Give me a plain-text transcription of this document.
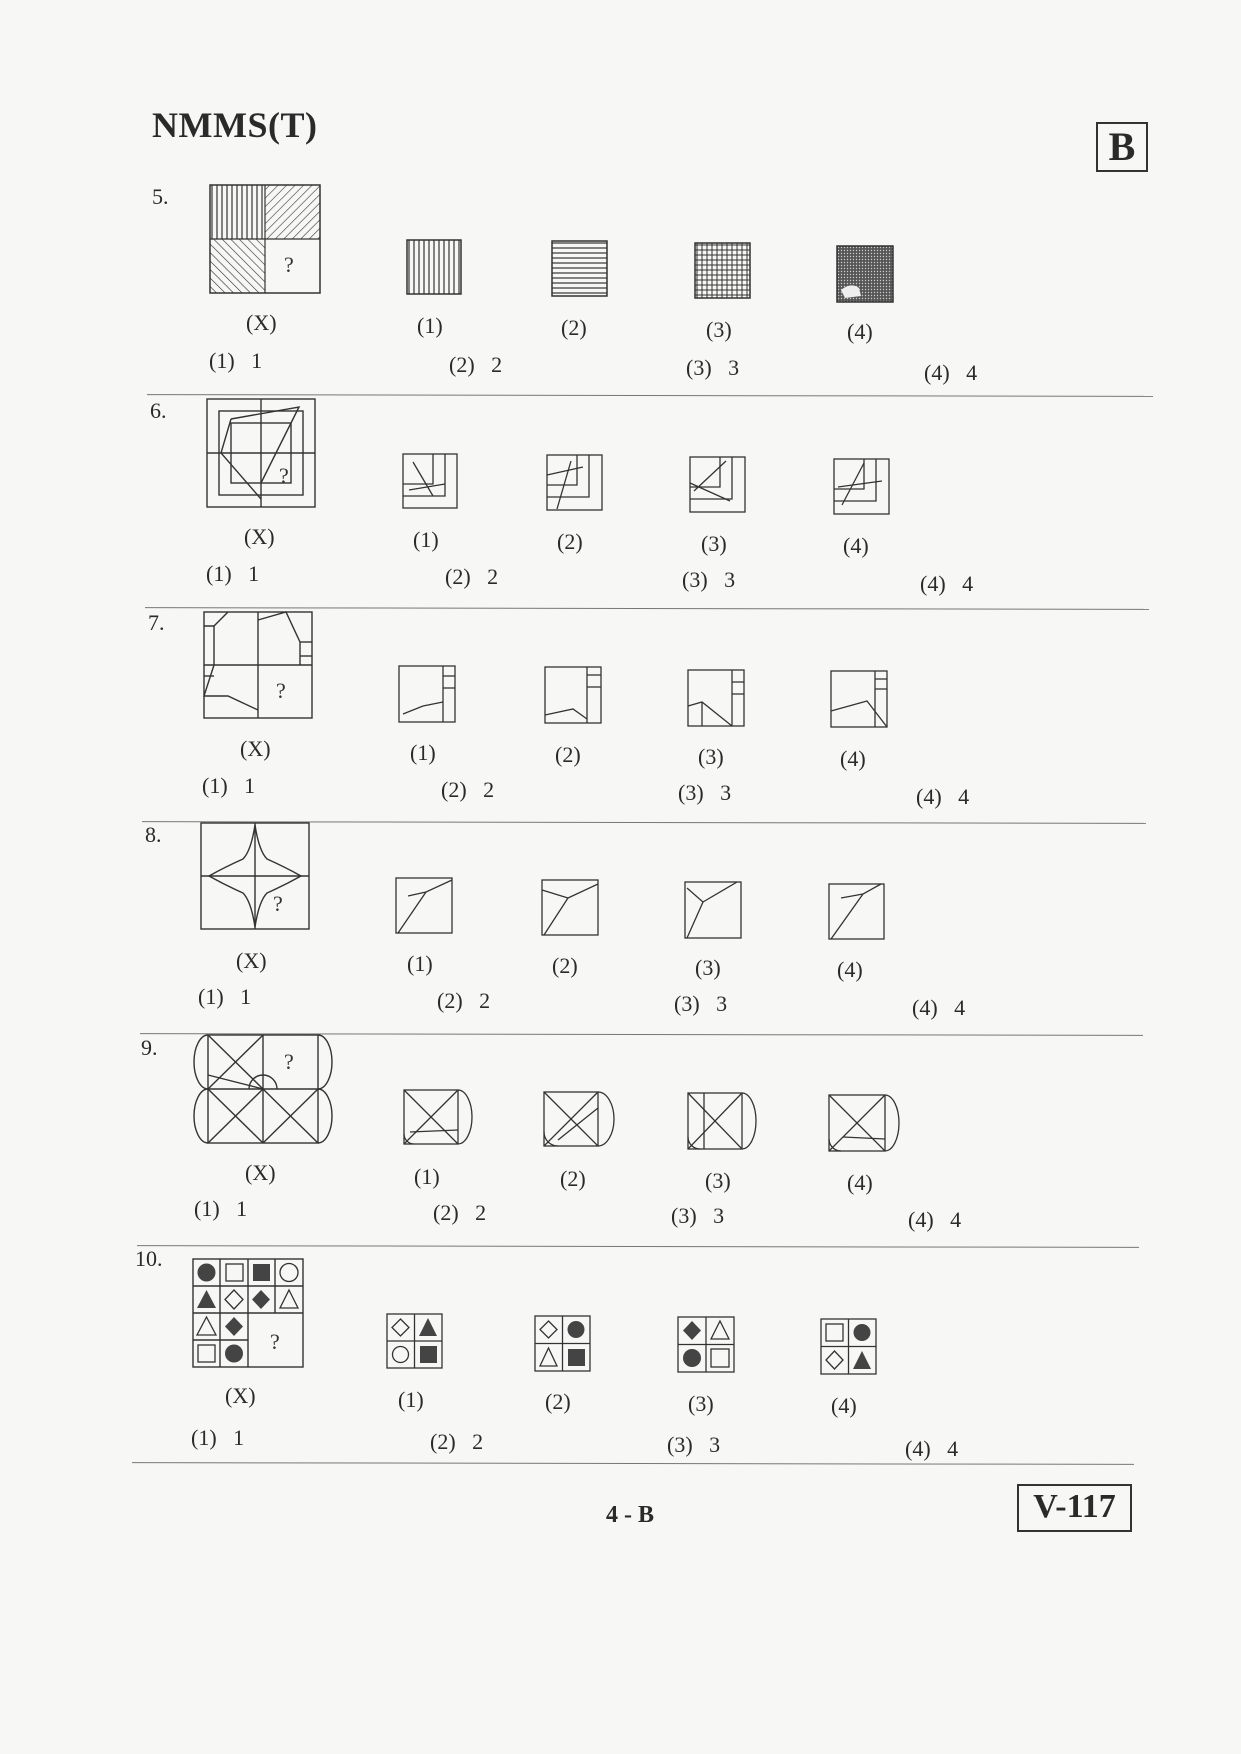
NMMS(T)	B
5.
?
(X)	(1)	(2)	(3)	(4)
(1)   1	(2)   2	(3)   3	(4)   4
6.
?
(X)	(1)	(2)	(3)	(4)
(1)   1	(2)   2	(3)   3	(4)   4
7.
?
(X)	(1)	(2)	(3)	(4)
(1)   1	(2)   2	(3)   3	(4)   4
8.
?
(X)	(1)	(2)	(3)	(4)
(1)   1	(2)   2	(3)   3	(4)   4
9.
?
(X)	(1)	(2)	(3)	(4)
(1)   1	(2)   2	(3)   3	(4)   4
10.
?
(X)	(1)	(2)	(3)	(4)
(1)   1	(2)   2	(3)   3	(4)   4
4 - B	V-117
